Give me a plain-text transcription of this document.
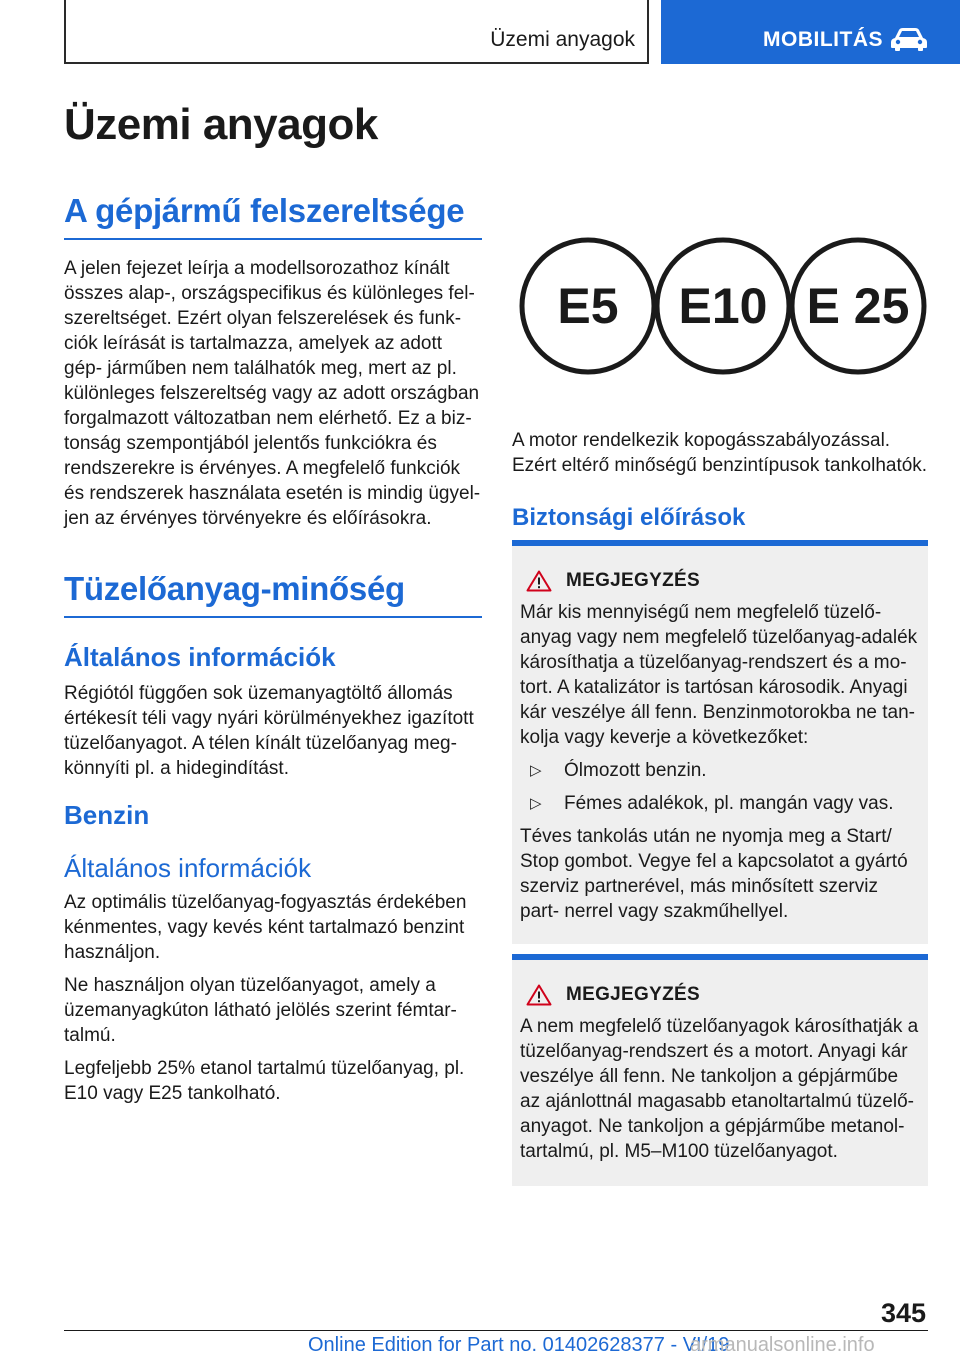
Üzemi anyagok	MOBILITÁS
Üzemi anyagok
A gépjármű felszereltsége

A jelen fejezet leírja a modellsorozathoz kínált összes alap-, országspecifikus és különleges fel- szereltséget. Ezért olyan felszerelések és funk- ciók leírását is tartalmazza, amelyek az adott gép- járműben nem találhatók meg, mert az pl. különleges felszereltség vagy az adott országban forgalmazott változatban nem elérhető. Ez a biz- tonság szempontjából jelentős funkciókra és rendszerekre is érvényes. A megfelelő funkciók és rendszerek használata esetén is mindig ügyel- jen az érvényes törvényekre és előírásokra.

Tüzelőanyag-minőség
Általános információk

Régiótól függően sok üzemanyagtöltő állomás értékesít téli vagy nyári körülményekhez igazított tüzelőanyagot. A télen kínált tüzelőanyag meg- könnyíti pl. a hidegindítást.

Benzin
Általános információk

Az optimális tüzelőanyag-fogyasztás érdekében kénmentes, vagy kevés ként tartalmazó benzint használjon.

Ne használjon olyan tüzelőanyagot, amely a üzemanyagkúton látható jelölés szerint fémtar- talmú.

Legfeljebb 25% etanol tartalmú tüzelőanyag, pl. E10 vagy E25 tankolható.

E5 E10 E 25

A motor rendelkezik kopogásszabályozással. Ezért eltérő minőségű benzintípusok tankolhatók.

Biztonsági előírások
MEGJEGYZÉS

Már kis mennyiségű nem megfelelő tüzelő- anyag vagy nem megfelelő tüzelőanyag-adalék károsíthatja a tüzelőanyag-rendszert és a mo- tort. A katalizátor is tartósan károsodik. Anyagi kár veszélye áll fenn. Benzinmotorokba ne tan- kolja vagy keverje a következőket:

▷	Ólmozott benzin.
▷	Fémes adalékok, pl. mangán vagy vas.

Téves tankolás után ne nyomja meg a Start/ Stop gombot. Vegye fel a kapcsolatot a gyártó szerviz partnerével, más minősített szerviz part- nerrel vagy szakműhellyel.

MEGJEGYZÉS

A nem megfelelő tüzelőanyagok károsíthatják a tüzelőanyag-rendszert és a motort. Anyagi kár veszélye áll fenn. Ne tankoljon a gépjárműbe az ajánlottnál magasabb etanoltartalmú tüzelő- anyagot. Ne tankoljon a gépjárműbe metanol- tartalmú, pl. M5–M100 tüzelőanyagot.

345
Online Edition for Part no. 01402628377 - VI/19
armanualsonline.info
